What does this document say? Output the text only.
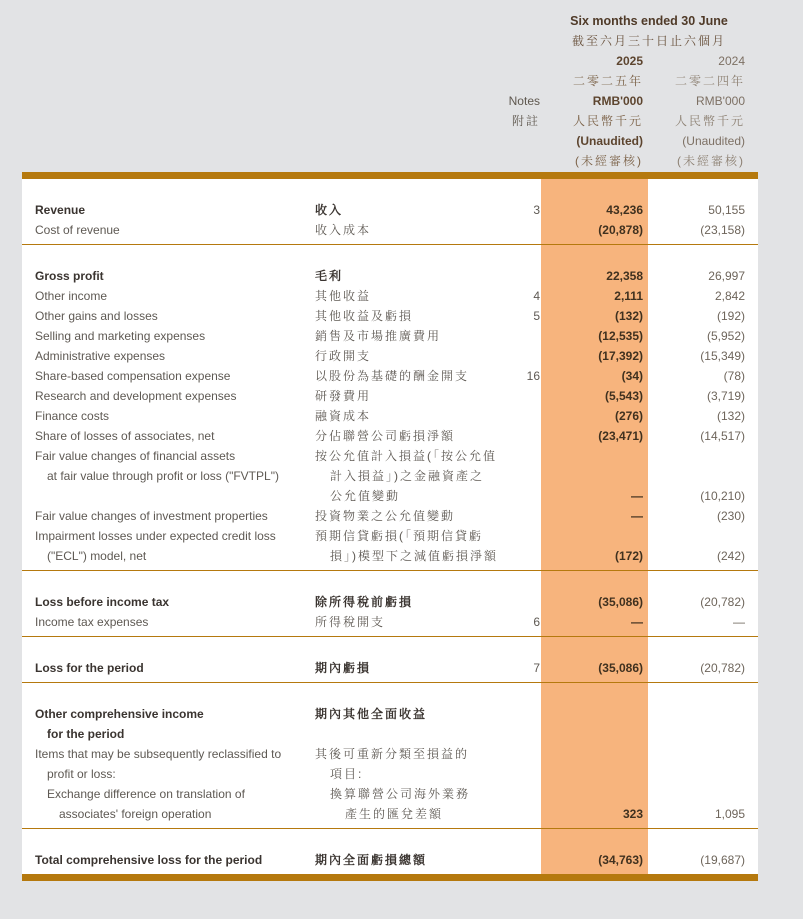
Six months ended 30 June
截至六月三十日止六個月
2025	2024
二零二五年	二零二四年
Notes	RMB'000	RMB'000
附註	人民幣千元	人民幣千元
(Unaudited)	(Unaudited)
(未經審核)	(未經審核)
Revenue	收入	3	43,236	50,155
Cost of revenue	收入成本	(20,878)	(23,158)
Gross profit	毛利	22,358	26,997
Other income	其他收益	4	2,111	2,842
Other gains and losses	其他收益及虧損	5	(132)	(192)
Selling and marketing expenses	銷售及市場推廣費用	(12,535)	(5,952)
Administrative expenses	行政開支	(17,392)	(15,349)
Share-based compensation expense	以股份為基礎的酬金開支	16	(34)	(78)
Research and development expenses	研發費用	(5,543)	(3,719)
Finance costs	融資成本	(276)	(132)
Share of losses of associates, net	分佔聯營公司虧損淨額	(23,471)	(14,517)
Fair value changes of financial assets	按公允值計入損益(「按公允值
at fair value through profit or loss ("FVTPL")	計入損益」)之金融資產之
公允值變動	—	(10,210)
Fair value changes of investment properties	投資物業之公允值變動	—	(230)
Impairment losses under expected credit loss	預期信貸虧損(「預期信貸虧
("ECL") model, net	損」)模型下之減值虧損淨額	(172)	(242)
Loss before income tax	除所得稅前虧損	(35,086)	(20,782)
Income tax expenses	所得稅開支	6	—	—
Loss for the period	期內虧損	7	(35,086)	(20,782)
Other comprehensive income	期內其他全面收益
for the period
Items that may be subsequently reclassified to	其後可重新分類至損益的
profit or loss:	項目:
Exchange difference on translation of	換算聯營公司海外業務
associates' foreign operation	產生的匯兌差額	323	1,095
Total comprehensive loss for the period	期內全面虧損總額	(34,763)	(19,687)
